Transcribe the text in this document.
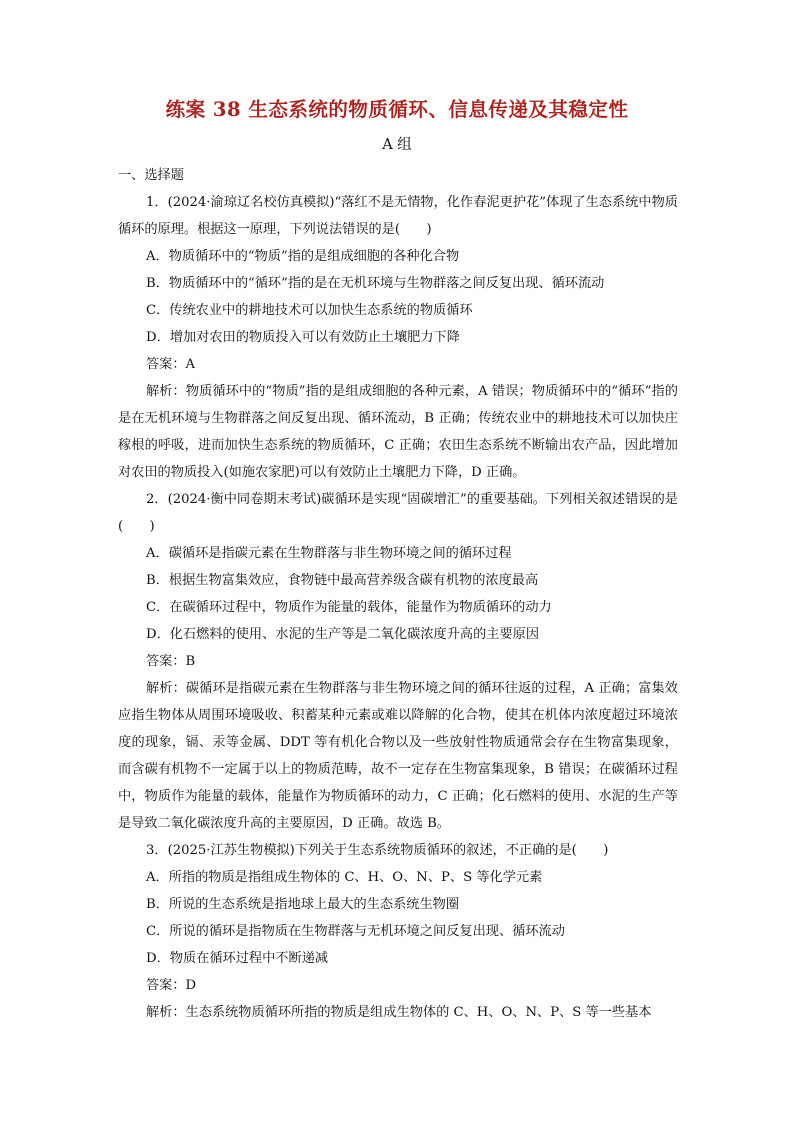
练案 38 生态系统的物质循环、信息传递及其稳定性
A 组

一、选择题

1．(2024·渝琼辽名校仿真模拟)“落红不是无情物，化作春泥更护花”体现了生态系统中物质循环的原理。根据这一原理，下列说法错误的是(　　)

A．物质循环中的“物质”指的是组成细胞的各种化合物

B．物质循环中的“循环”指的是在无机环境与生物群落之间反复出现、循环流动

C．传统农业中的耕地技术可以加快生态系统的物质循环

D．增加对农田的物质投入可以有效防止土壤肥力下降

答案：A

解析：物质循环中的“物质”指的是组成细胞的各种元素，A 错误；物质循环中的“循环”指的是在无机环境与生物群落之间反复出现、循环流动，B 正确；传统农业中的耕地技术可以加快庄稼根的呼吸，进而加快生态系统的物质循环，C 正确；农田生态系统不断输出农产品，因此增加对农田的物质投入(如施农家肥)可以有效防止土壤肥力下降，D 正确。

2．(2024·衡中同卷期末考试)碳循环是实现“固碳增汇”的重要基础。下列相关叙述错误的是(　　)

A．碳循环是指碳元素在生物群落与非生物环境之间的循环过程

B．根据生物富集效应，食物链中最高营养级含碳有机物的浓度最高

C．在碳循环过程中，物质作为能量的载体，能量作为物质循环的动力

D．化石燃料的使用、水泥的生产等是二氧化碳浓度升高的主要原因

答案：B

解析：碳循环是指碳元素在生物群落与非生物环境之间的循环往返的过程，A 正确；富集效应指生物体从周围环境吸收、积蓄某种元素或难以降解的化合物，使其在机体内浓度超过环境浓度的现象，镉、汞等金属、DDT 等有机化合物以及一些放射性物质通常会存在生物富集现象，而含碳有机物不一定属于以上的物质范畴，故不一定存在生物富集现象，B 错误；在碳循环过程中，物质作为能量的载体，能量作为物质循环的动力，C 正确；化石燃料的使用、水泥的生产等是导致二氧化碳浓度升高的主要原因，D 正确。故选 B。

3．(2025·江苏生物模拟)下列关于生态系统物质循环的叙述，不正确的是(　　)

A．所指的物质是指组成生物体的 C、H、O、N、P、S 等化学元素

B．所说的生态系统是指地球上最大的生态系统生物圈

C．所说的循环是指物质在生物群落与无机环境之间反复出现、循环流动

D．物质在循环过程中不断递减

答案：D

解析：生态系统物质循环所指的物质是组成生物体的 C、H、O、N、P、S 等一些基本
